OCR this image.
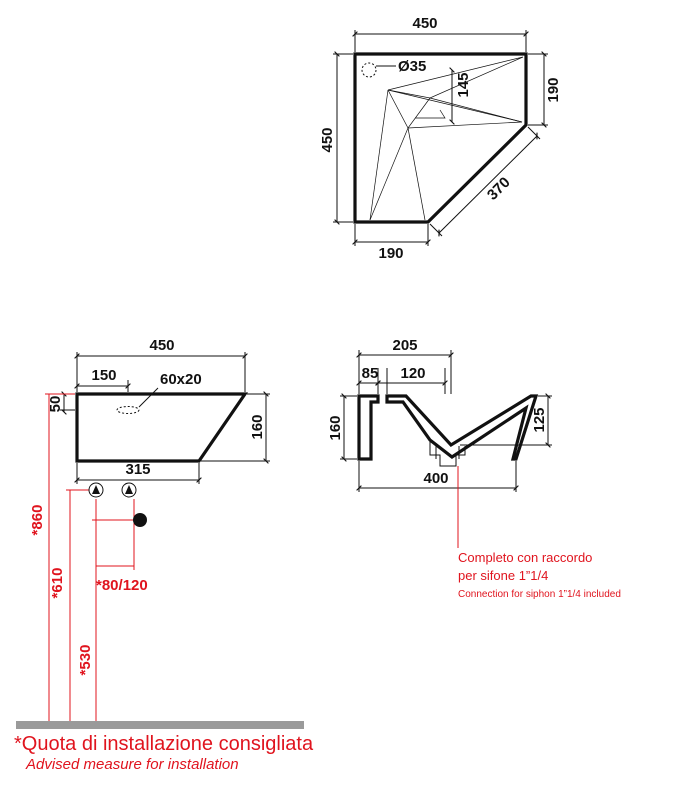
Ø35
450
450
190
145
190
370
60x20
450
150
50
160
315
*860
*610
*530
*80/120
205
85 120
160	125
400
Completo con raccordo
per sifone 1”1/4
Connection for siphon 1”1/4 included
*Quota di installazione consigliata
Advised measure for installation
